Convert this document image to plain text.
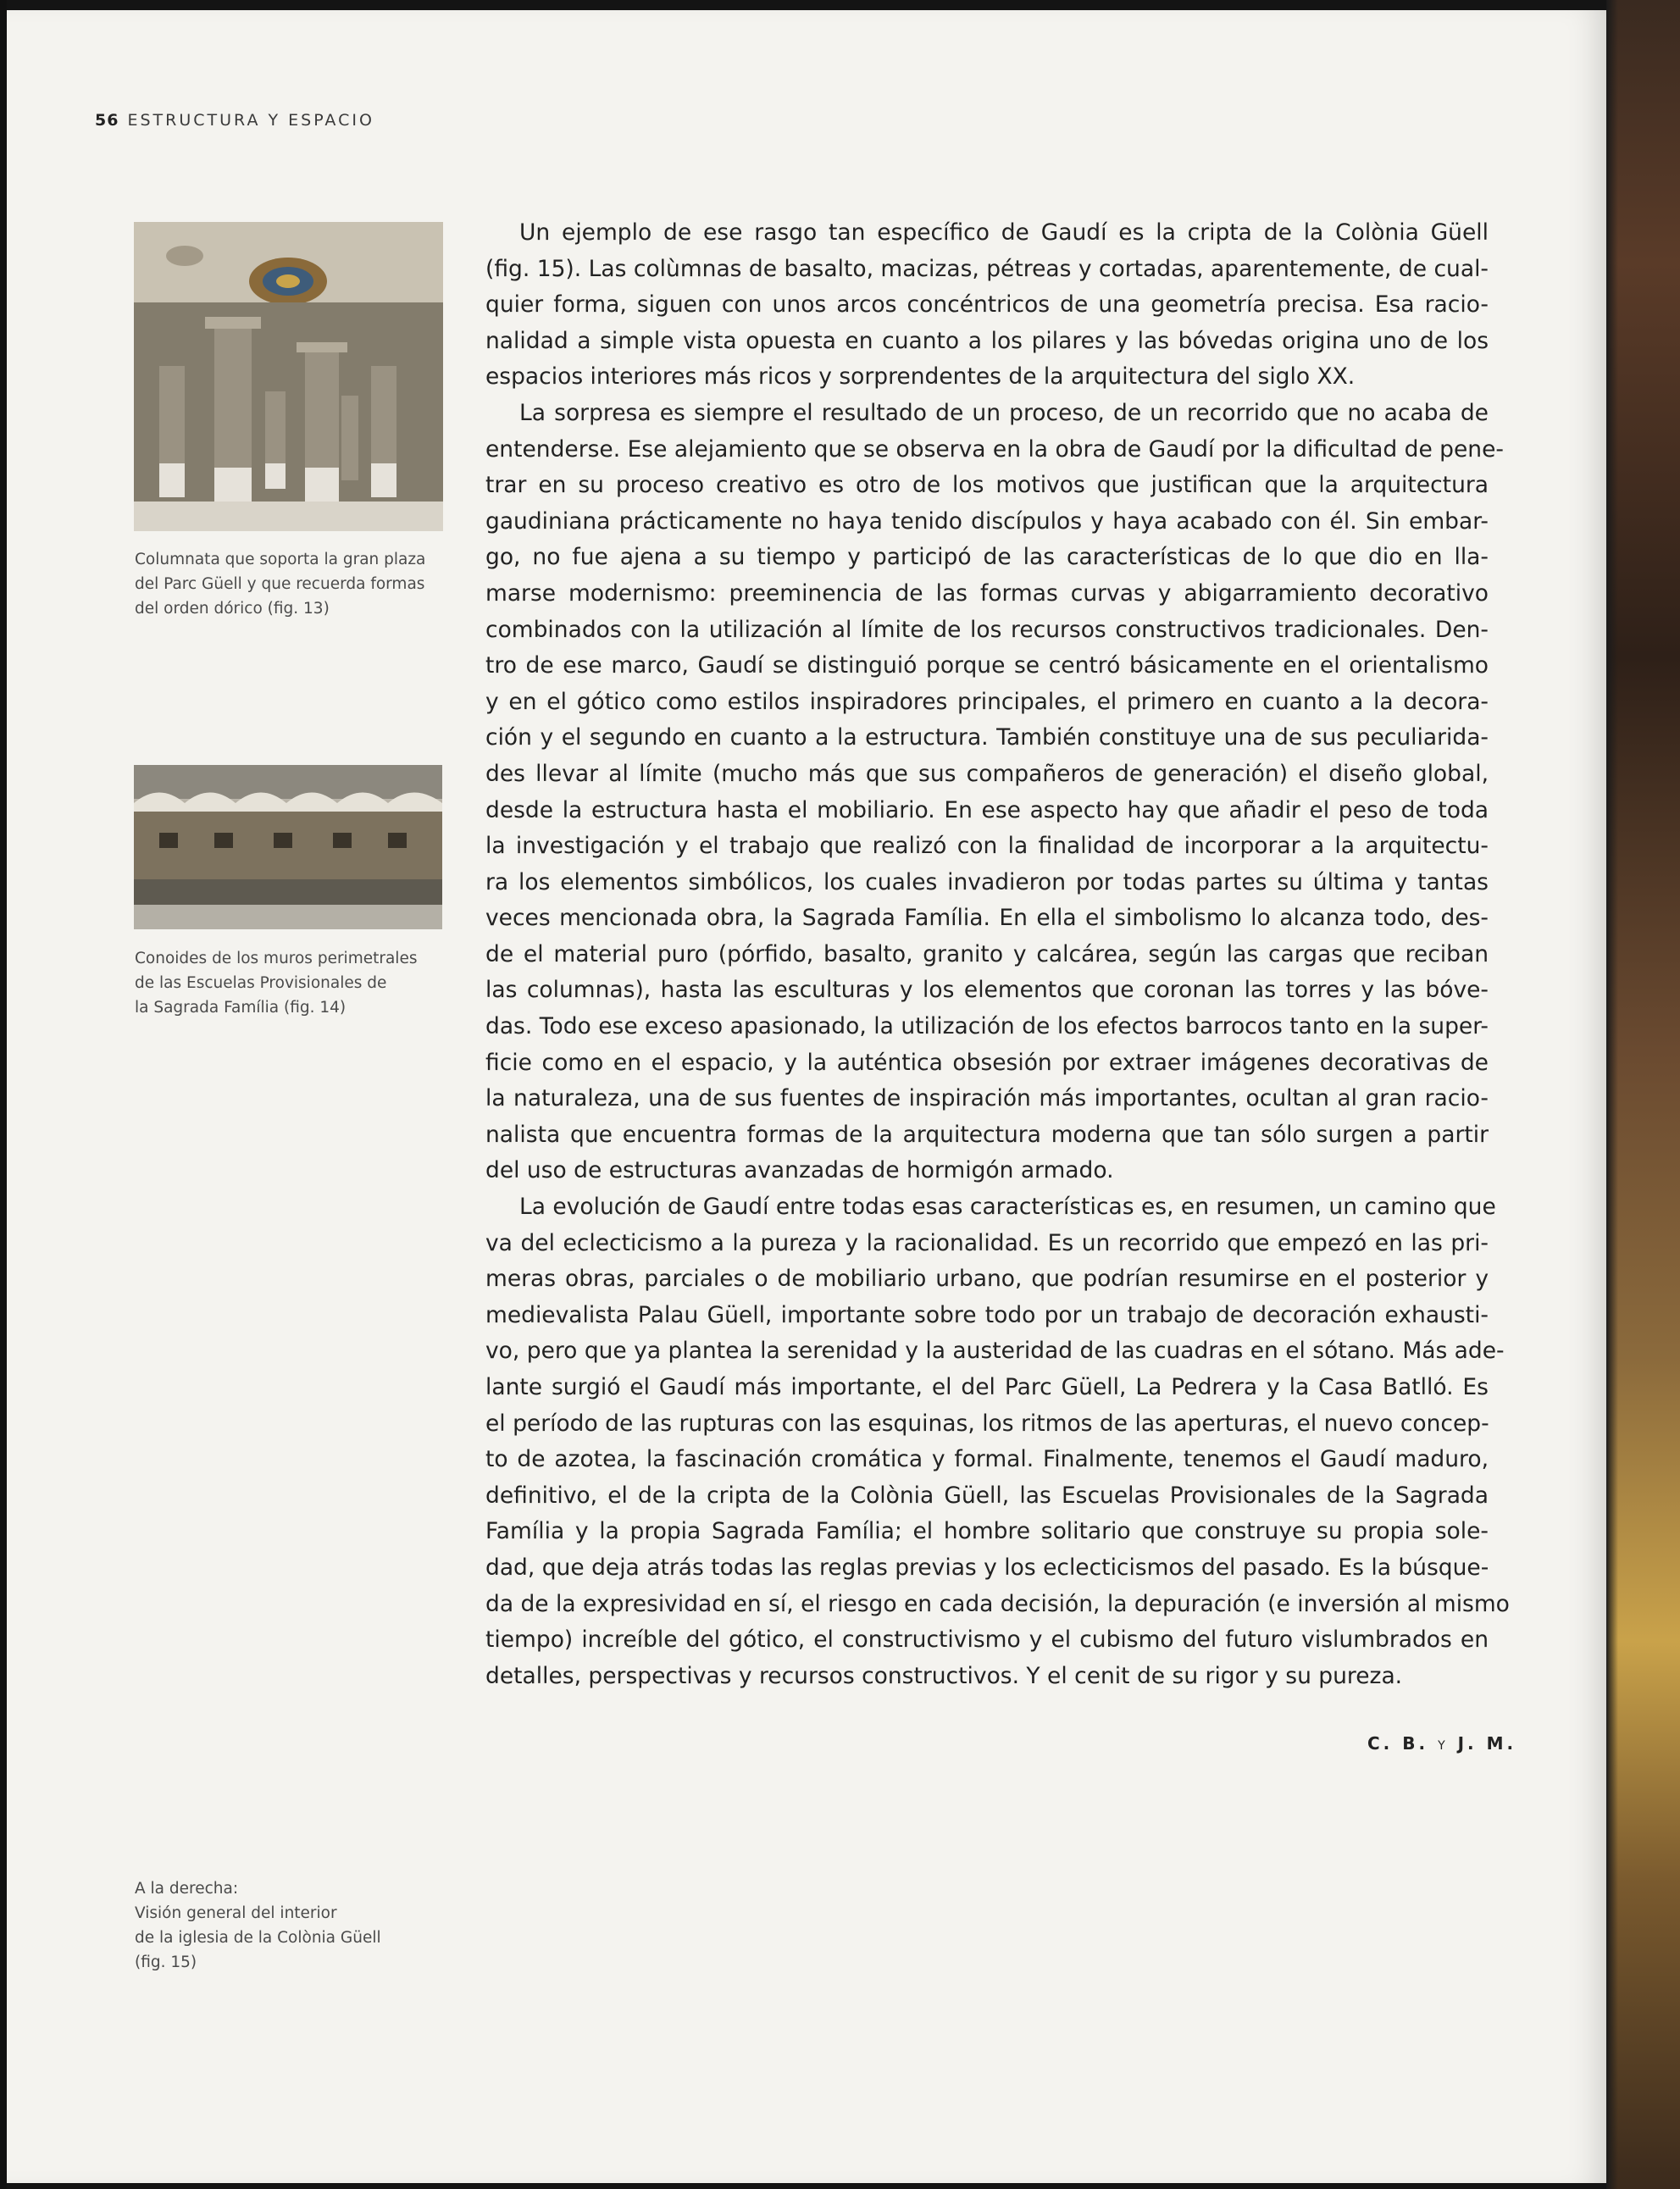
56 ESTRUCTURA Y ESPACIO
Columnata que soporta la gran plaza
del Parc Güell y que recuerda formas
del orden dórico (fig. 13)
Conoides de los muros perimetrales
de las Escuelas Provisionales de
la Sagrada Família (fig. 14)
A la derecha:
Visión general del interior
de la iglesia de la Colònia Güell
(fig. 15)
Un ejemplo de ese rasgo tan específico de Gaudí es la cripta de la Colònia Güell
(fig. 15). Las colùmnas de basalto, macizas, pétreas y cortadas, aparentemente, de cual-
quier forma, siguen con unos arcos concéntricos de una geometría precisa. Esa racio-
nalidad a simple vista opuesta en cuanto a los pilares y las bóvedas origina uno de los
espacios interiores más ricos y sorprendentes de la arquitectura del siglo XX.
La sorpresa es siempre el resultado de un proceso, de un recorrido que no acaba de
entenderse. Ese alejamiento que se observa en la obra de Gaudí por la dificultad de pene-
trar en su proceso creativo es otro de los motivos que justifican que la arquitectura
gaudiniana prácticamente no haya tenido discípulos y haya acabado con él. Sin embar-
go, no fue ajena a su tiempo y participó de las características de lo que dio en lla-
marse modernismo: preeminencia de las formas curvas y abigarramiento decorativo
combinados con la utilización al límite de los recursos constructivos tradicionales. Den-
tro de ese marco, Gaudí se distinguió porque se centró básicamente en el orientalismo
y en el gótico como estilos inspiradores principales, el primero en cuanto a la decora-
ción y el segundo en cuanto a la estructura. También constituye una de sus peculiarida-
des llevar al límite (mucho más que sus compañeros de generación) el diseño global,
desde la estructura hasta el mobiliario. En ese aspecto hay que añadir el peso de toda
la investigación y el trabajo que realizó con la finalidad de incorporar a la arquitectu-
ra los elementos simbólicos, los cuales invadieron por todas partes su última y tantas
veces mencionada obra, la Sagrada Família. En ella el simbolismo lo alcanza todo, des-
de el material puro (pórfido, basalto, granito y calcárea, según las cargas que reciban
las columnas), hasta las esculturas y los elementos que coronan las torres y las bóve-
das. Todo ese exceso apasionado, la utilización de los efectos barrocos tanto en la super-
ficie como en el espacio, y la auténtica obsesión por extraer imágenes decorativas de
la naturaleza, una de sus fuentes de inspiración más importantes, ocultan al gran racio-
nalista que encuentra formas de la arquitectura moderna que tan sólo surgen a partir
del uso de estructuras avanzadas de hormigón armado.
La evolución de Gaudí entre todas esas características es, en resumen, un camino que
va del eclecticismo a la pureza y la racionalidad. Es un recorrido que empezó en las pri-
meras obras, parciales o de mobiliario urbano, que podrían resumirse en el posterior y
medievalista Palau Güell, importante sobre todo por un trabajo de decoración exhausti-
vo, pero que ya plantea la serenidad y la austeridad de las cuadras en el sótano. Más ade-
lante surgió el Gaudí más importante, el del Parc Güell, La Pedrera y la Casa Batlló. Es
el período de las rupturas con las esquinas, los ritmos de las aperturas, el nuevo concep-
to de azotea, la fascinación cromática y formal. Finalmente, tenemos el Gaudí maduro,
definitivo, el de la cripta de la Colònia Güell, las Escuelas Provisionales de la Sagrada
Família y la propia Sagrada Família; el hombre solitario que construye su propia sole-
dad, que deja atrás todas las reglas previas y los eclecticismos del pasado. Es la búsque-
da de la expresividad en sí, el riesgo en cada decisión, la depuración (e inversión al mismo
tiempo) increíble del gótico, el constructivismo y el cubismo del futuro vislumbrados en
detalles, perspectivas y recursos constructivos. Y el cenit de su rigor y su pureza.
C. B. Y J. M.
